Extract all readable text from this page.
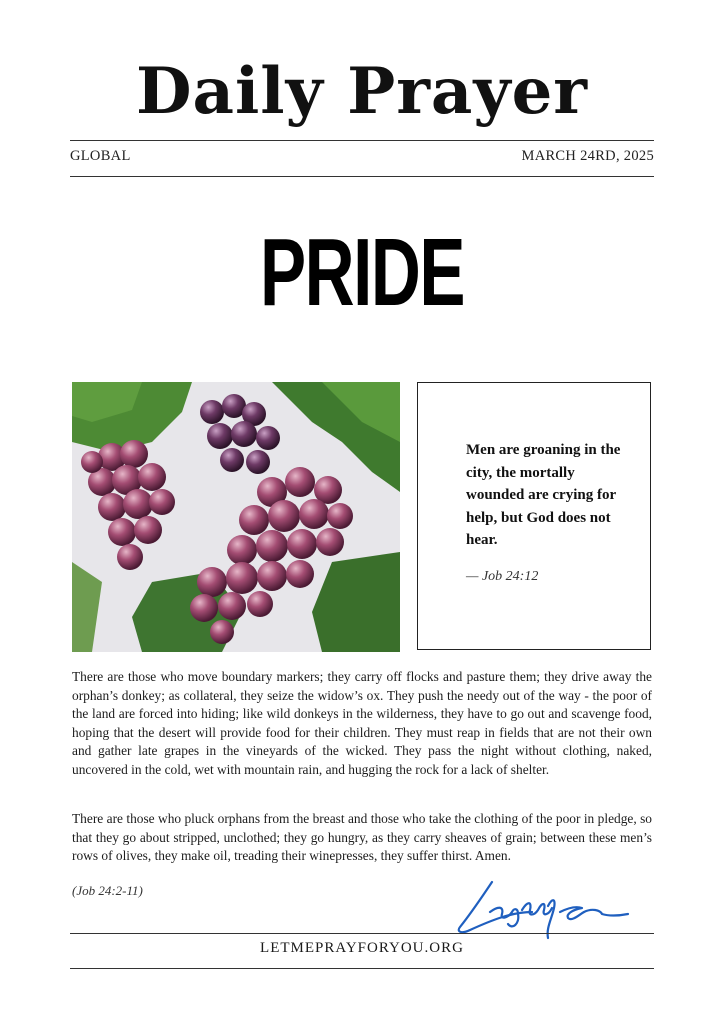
Daily Prayer
GLOBAL	MARCH 24RD, 2025
PRIDE
Men are groaning in the city, the mortally wounded are crying for help, but God does not hear.
— Job 24:12

There are those who move boundary markers; they carry off flocks and pasture them; they drive away the orphan’s donkey; as collateral, they seize the widow’s ox. They push the needy out of the way - the poor of the land are forced into hiding; like wild donkeys in the wilderness, they have to go out and scavenge food, hoping that the desert will provide food for their children. They must reap in fields that are not their own and gather late grapes in the vineyards of the wicked. They pass the night without clothing, naked, uncovered in the cold, wet with mountain rain, and hugging the rock for a lack of shelter.

There are those who pluck orphans from the breast and those who take the clothing of the poor in pledge, so that they go about stripped, unclothed; they go hungry, as they carry sheaves of grain; between these men’s rows of olives, they make oil, treading their winepresses, they suffer thirst. Amen.

(Job 24:2-11)
LETMEPRAYFORYOU.ORG
